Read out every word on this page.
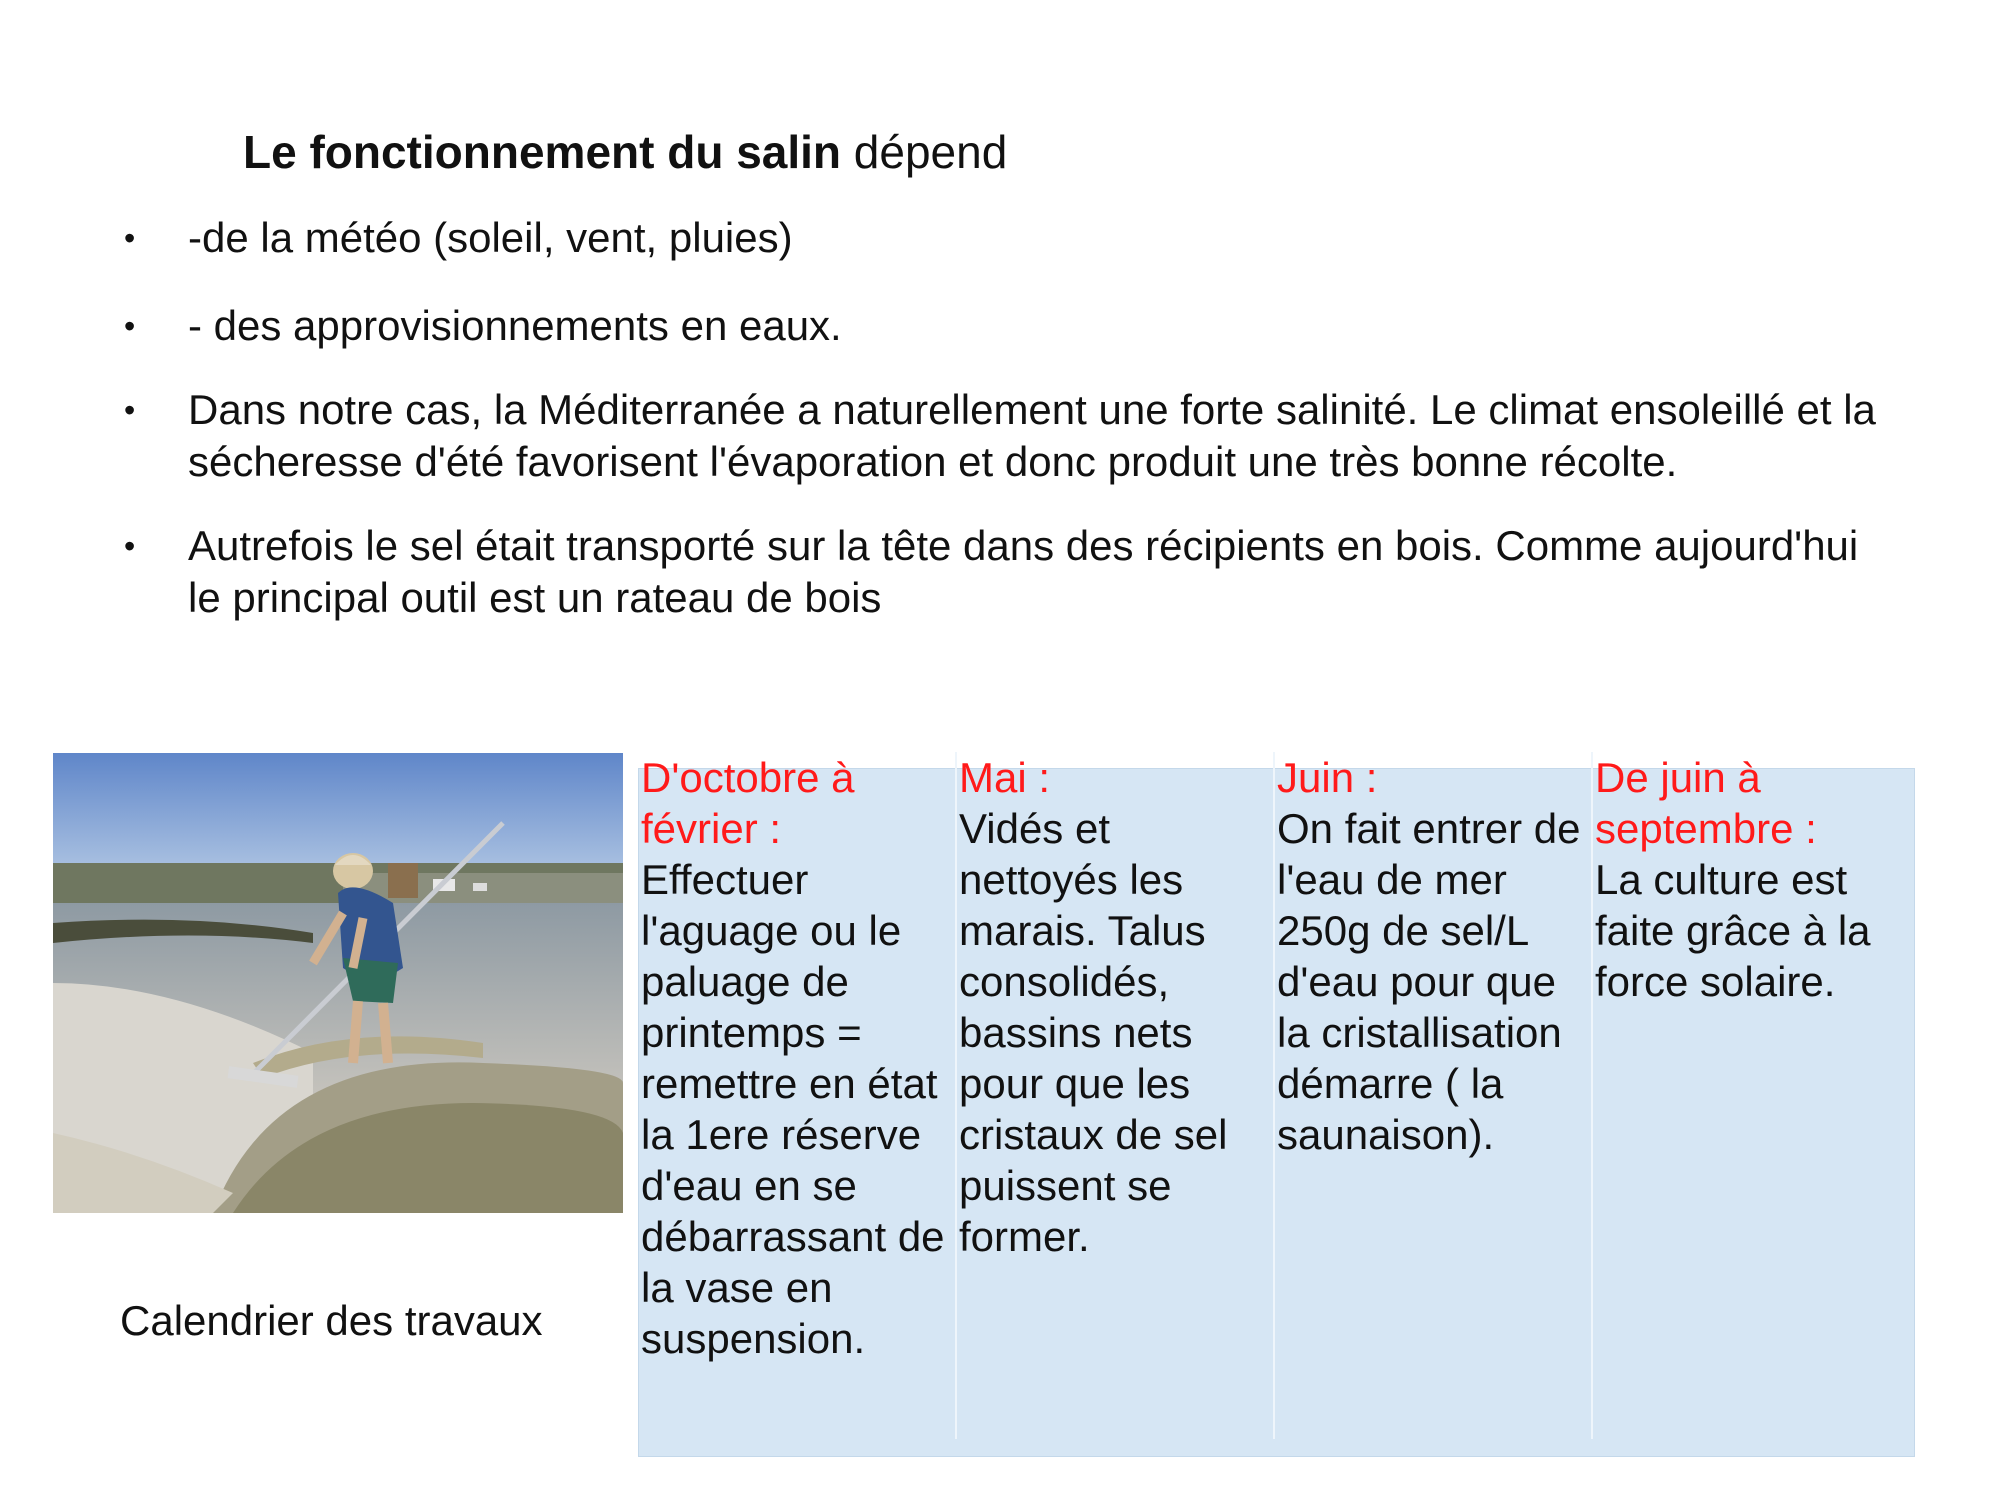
Le fonctionnement du salin dépend
• -de la météo (soleil, vent, pluies)
• - des approvisionnements en eaux.
• Dans notre cas, la Méditerranée a naturellement une forte salinité. Le climat ensoleillé et la sécheresse d'été favorisent l'évaporation et donc produit une très bonne récolte.
• Autrefois le sel était transporté sur la tête dans des récipients en bois. Comme aujourd'hui le principal outil est un rateau de bois
Calendrier des travaux
D'octobre à février :
Effectuer l'aguage ou le paluage de printemps = remettre en état la 1ere réserve d'eau en se débarrassant de la vase en suspension.
Mai :
Vidés et nettoyés les marais. Talus consolidés, bassins nets pour que les cristaux de sel puissent se former.
Juin :
On fait entrer de l'eau de mer 250g de sel/L d'eau pour que la cristallisation démarre ( la saunaison).
De juin à septembre :
La culture est faite grâce à la force solaire.
